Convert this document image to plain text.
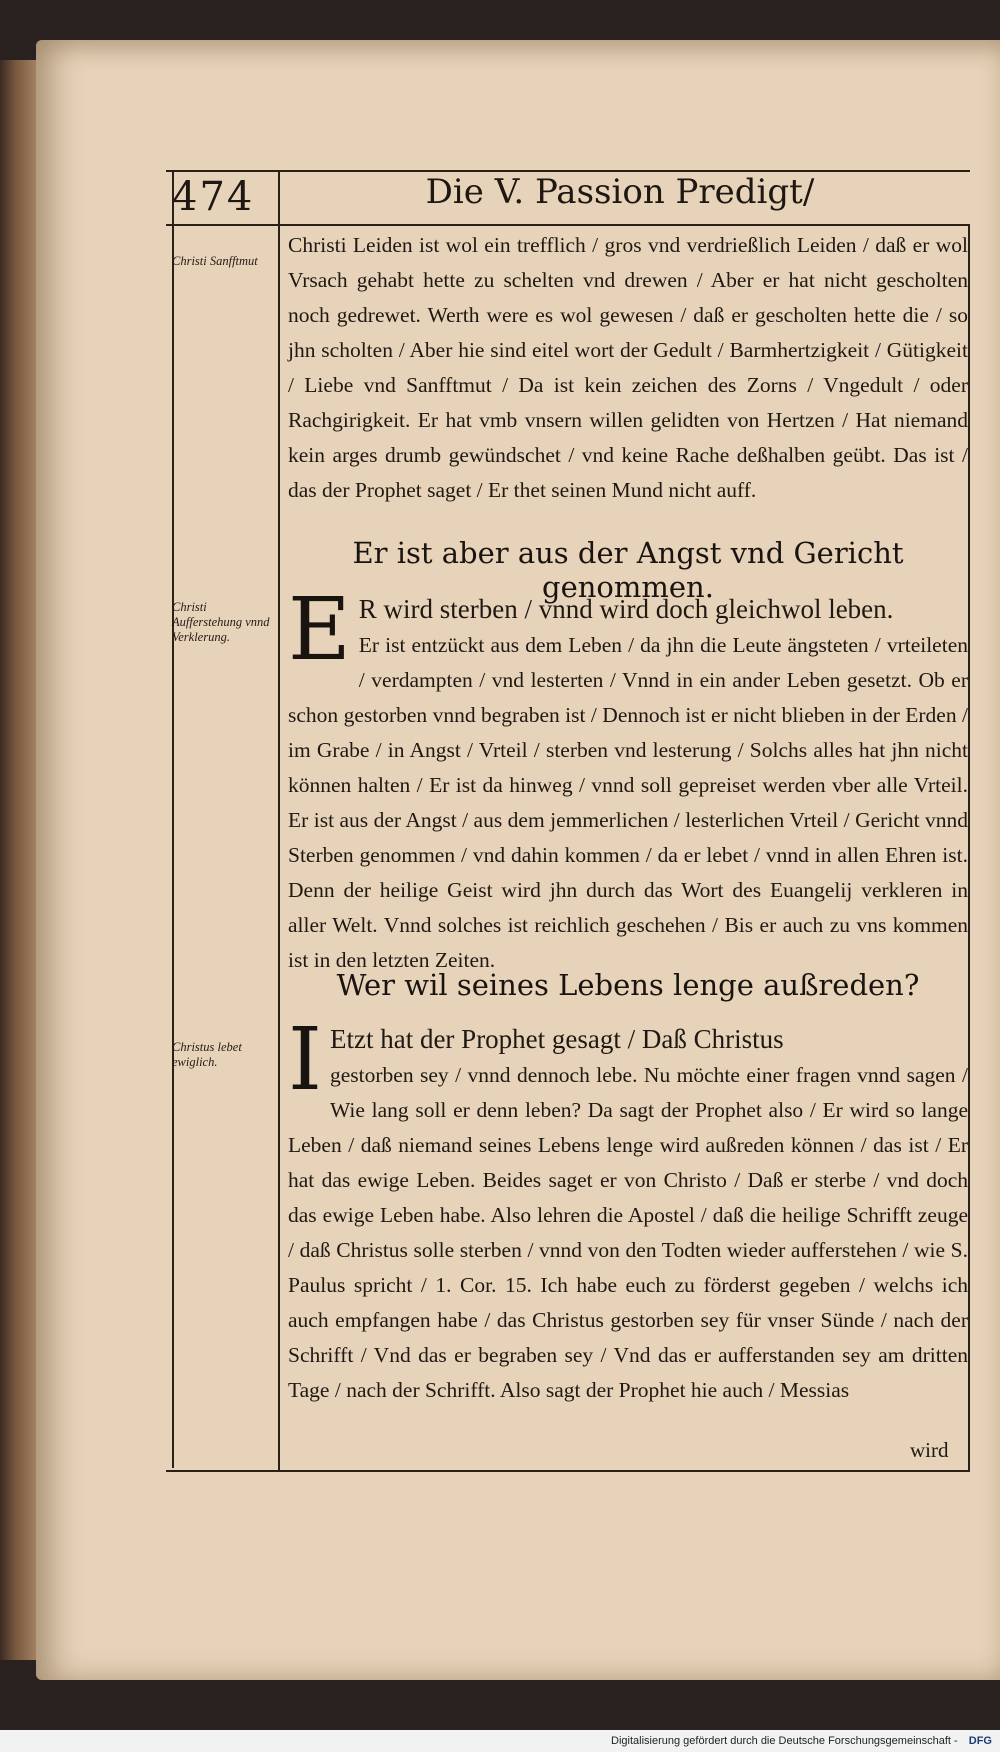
474	Die V. Passion Predigt/
Christi Sanfftmut
Christi Aufferstehung vnnd Verklerung.
Christus lebet ewiglich.

Christi Leiden ist wol ein trefflich / gros vnd verdrießlich Leiden / daß er wol Vrsach gehabt hette zu schelten vnd drewen / Aber er hat nicht gescholten noch gedrewet. Werth were es wol gewesen / daß er gescholten hette die / so jhn scholten / Aber hie sind eitel wort der Gedult / Barmhertzigkeit / Gütigkeit / Liebe vnd Sanfftmut / Da ist kein zeichen des Zorns / Vngedult / oder Rachgirigkeit. Er hat vmb vnsern willen gelidten von Hertzen / Hat niemand kein arges drumb gewündschet / vnd keine Rache deßhalben geübt. Das ist / das der Prophet saget / Er thet seinen Mund nicht auff.

Er ist aber aus der Angst vnd Gericht genommen.

E R wird sterben / vnnd wird doch gleichwol leben.

Er ist entzückt aus dem Leben / da jhn die Leute ängsteten / vrteileten / verdampten / vnd lesterten / Vnnd in ein ander Leben gesetzt. Ob er schon gestorben vnnd begraben ist / Dennoch ist er nicht blieben in der Erden / im Grabe / in Angst / Vrteil / sterben vnd lesterung / Solchs alles hat jhn nicht können halten / Er ist da hinweg / vnnd soll gepreiset werden vber alle Vrteil. Er ist aus der Angst / aus dem jemmerlichen / lesterlichen Vrteil / Gericht vnnd Sterben genommen / vnd dahin kommen / da er lebet / vnnd in allen Ehren ist. Denn der heilige Geist wird jhn durch das Wort des Euangelij verkleren in aller Welt. Vnnd solches ist reichlich geschehen / Bis er auch zu vns kommen ist in den letzten Zeiten.

Wer wil seines Lebens lenge außreden?

I Etzt hat der Prophet gesagt / Daß Christus

gestorben sey / vnnd dennoch lebe. Nu möchte einer fragen vnnd sagen / Wie lang soll er denn leben? Da sagt der Prophet also / Er wird so lange Leben / daß niemand seines Lebens lenge wird außreden können / das ist / Er hat das ewige Leben. Beides saget er von Christo / Daß er sterbe / vnd doch das ewige Leben habe. Also lehren die Apostel / daß die heilige Schrifft zeuge / daß Christus solle sterben / vnnd von den Todten wieder aufferstehen / wie S. Paulus spricht / 1. Cor. 15. Ich habe euch zu förderst gegeben / welchs ich auch empfangen habe / das Christus gestorben sey für vnser Sünde / nach der Schrifft / Vnd das er begraben sey / Vnd das er aufferstanden sey am dritten Tage / nach der Schrifft. Also sagt der Prophet hie auch / Messias

wird
Digitalisierung gefördert durch die Deutsche Forschungsgemeinschaft - DFG
